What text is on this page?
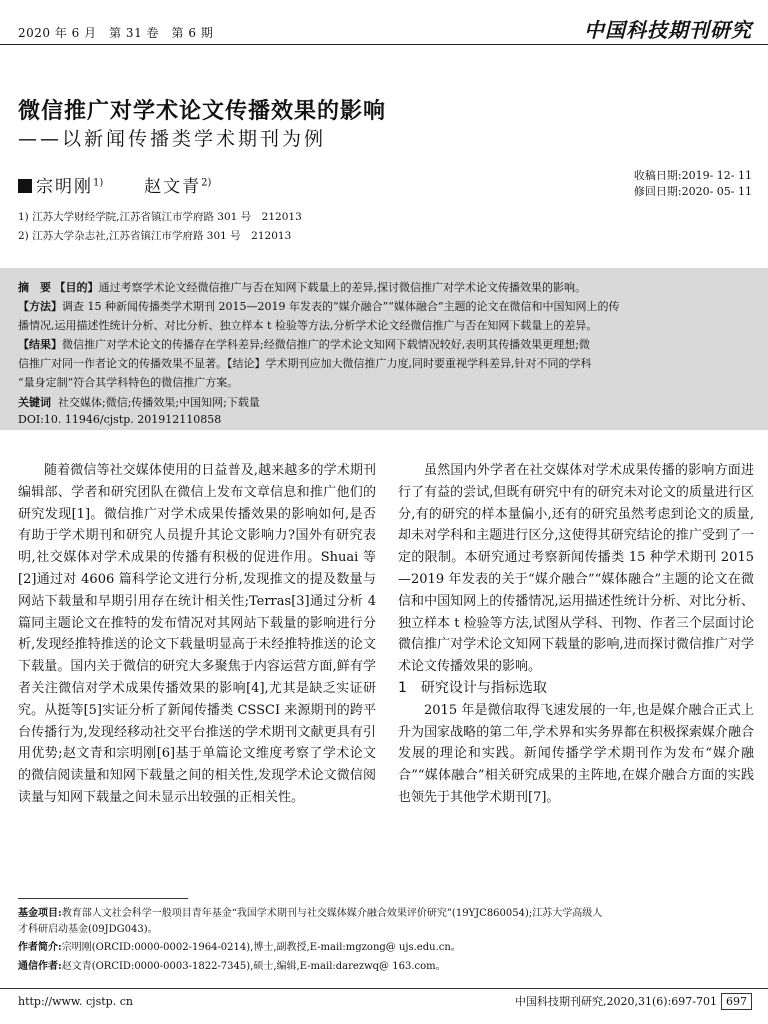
2020 年 6 月　第 31 卷　第 6 期	中国科技期刊研究
微信推广对学术论文传播效果的影响
——以新闻传播类学术期刊为例
宗明刚$^{1)}$ 赵文青$^{2)}$
收稿日期:2019- 12- 11
修回日期:2020- 05- 11
1) 江苏大学财经学院,江苏省镇江市学府路 301 号　212013
2) 江苏大学杂志社,江苏省镇江市学府路 301 号　212013
摘　要 【目的】通过考察学术论文经微信推广与否在知网下载量上的差异,探讨微信推广对学术论文传播效果的影响。
【方法】调查 15 种新闻传播类学术期刊 2015—2019 年发表的“媒介融合”“媒体融合”主题的论文在微信和中国知网上的传
播情况,运用描述性统计分析、对比分析、独立样本 t 检验等方法,分析学术论文经微信推广与否在知网下载量上的差异。
【结果】微信推广对学术论文的传播存在学科差异;经微信推广的学术论文知网下载情况较好,表明其传播效果更理想;微
信推广对同一作者论文的传播效果不显著。【结论】学术期刊应加大微信推广力度,同时要重视学科差异,针对不同的学科
“量身定制”符合其学科特色的微信推广方案。
关键词 社交媒体;微信;传播效果;中国知网;下载量
DOI:10. 11946/cjstp. 201912110858

随着微信等社交媒体使用的日益普及,越来越多的学术期刊编辑部、学者和研究团队在微信上发布文章信息和推广他们的研究发现[1]。微信推广对学术成果传播效果的影响如何,是否有助于学术期刊和研究人员提升其论文影响力?国外有研究表明,社交媒体对学术成果的传播有积极的促进作用。Shuai 等[2]通过对 4606 篇科学论文进行分析,发现推文的提及数量与网站下载量和早期引用存在统计相关性;Terras[3]通过分析 4 篇同主题论文在推特的发布情况对其网站下载量的影响进行分析,发现经推特推送的论文下载量明显高于未经推特推送的论文下载量。国内关于微信的研究大多聚焦于内容运营方面,鲜有学者关注微信对学术成果传播效果的影响[4],尤其是缺乏实证研究。从挺等[5]实证分析了新闻传播类 CSSCI 来源期刊的跨平台传播行为,发现经移动社交平台推送的学术期刊文献更具有引用优势;赵文青和宗明刚[6]基于单篇论文维度考察了学术论文的微信阅读量和知网下载量之间的相关性,发现学术论文微信阅读量与知网下载量之间未显示出较强的正相关性。

虽然国内外学者在社交媒体对学术成果传播的影响方面进行了有益的尝试,但既有研究中有的研究未对论文的质量进行区分,有的研究的样本量偏小,还有的研究虽然考虑到论文的质量,却未对学科和主题进行区分,这使得其研究结论的推广受到了一定的限制。本研究通过考察新闻传播类 15 种学术期刊 2015—2019 年发表的关于“媒介融合”“媒体融合”主题的论文在微信和中国知网上的传播情况,运用描述性统计分析、对比分析、独立样本 t 检验等方法,试图从学科、刊物、作者三个层面讨论微信推广对学术论文知网下载量的影响,进而探讨微信推广对学术论文传播效果的影响。

1　研究设计与指标选取

2015 年是微信取得飞速发展的一年,也是媒介融合正式上升为国家战略的第二年,学术界和实务界都在积极探索媒介融合发展的理论和实践。新闻传播学学术期刊作为发布“媒介融合”“媒体融合”相关研究成果的主阵地,在媒介融合方面的实践也领先于其他学术期刊[7]。

基金项目:教育部人文社会科学一般项目青年基金“我国学术期刊与社交媒体媒介融合效果评价研究”(19YJC860054);江苏大学高级人
才科研启动基金(09JDG043)。
作者简介:宗明刚(ORCID:0000-0002-1964-0214),博士,副教授,E-mail:mgzong@ ujs.edu.cn。
通信作者:赵文青(ORCID:0000-0003-1822-7345),硕士,编辑,E-mail:darezwq@ 163.com。
http://www. cjstp. cn	中国科技期刊研究,2020,31(6):697-701 697
